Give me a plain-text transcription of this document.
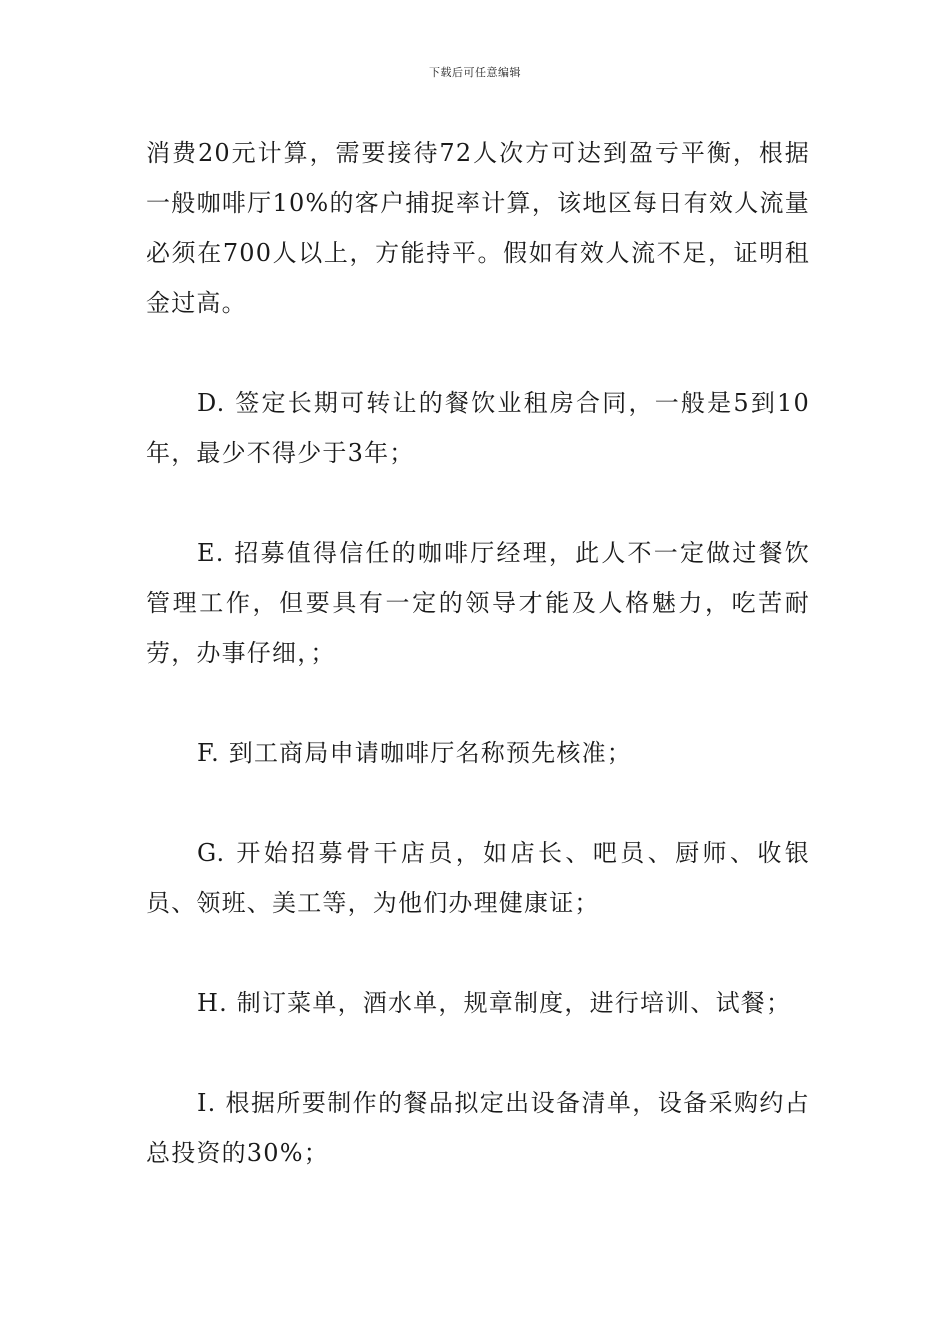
下载后可任意编辑

消费20元计算，需要接待72人次方可达到盈亏平衡，根据一般咖啡厅10%的客户捕捉率计算，该地区每日有效人流量必须在700人以上，方能持平。假如有效人流不足，证明租金过高。

D. 签定长期可转让的餐饮业租房合同，一般是5到10年，最少不得少于3年；

E. 招募值得信任的咖啡厅经理，此人不一定做过餐饮管理工作，但要具有一定的领导才能及人格魅力，吃苦耐劳，办事仔细，；

F. 到工商局申请咖啡厅名称预先核准；

G. 开始招募骨干店员，如店长、吧员、厨师、收银员、领班、美工等，为他们办理健康证；

H. 制订菜单，酒水单，规章制度，进行培训、试餐；

I. 根据所要制作的餐品拟定出设备清单，设备采购约占总投资的30%；
